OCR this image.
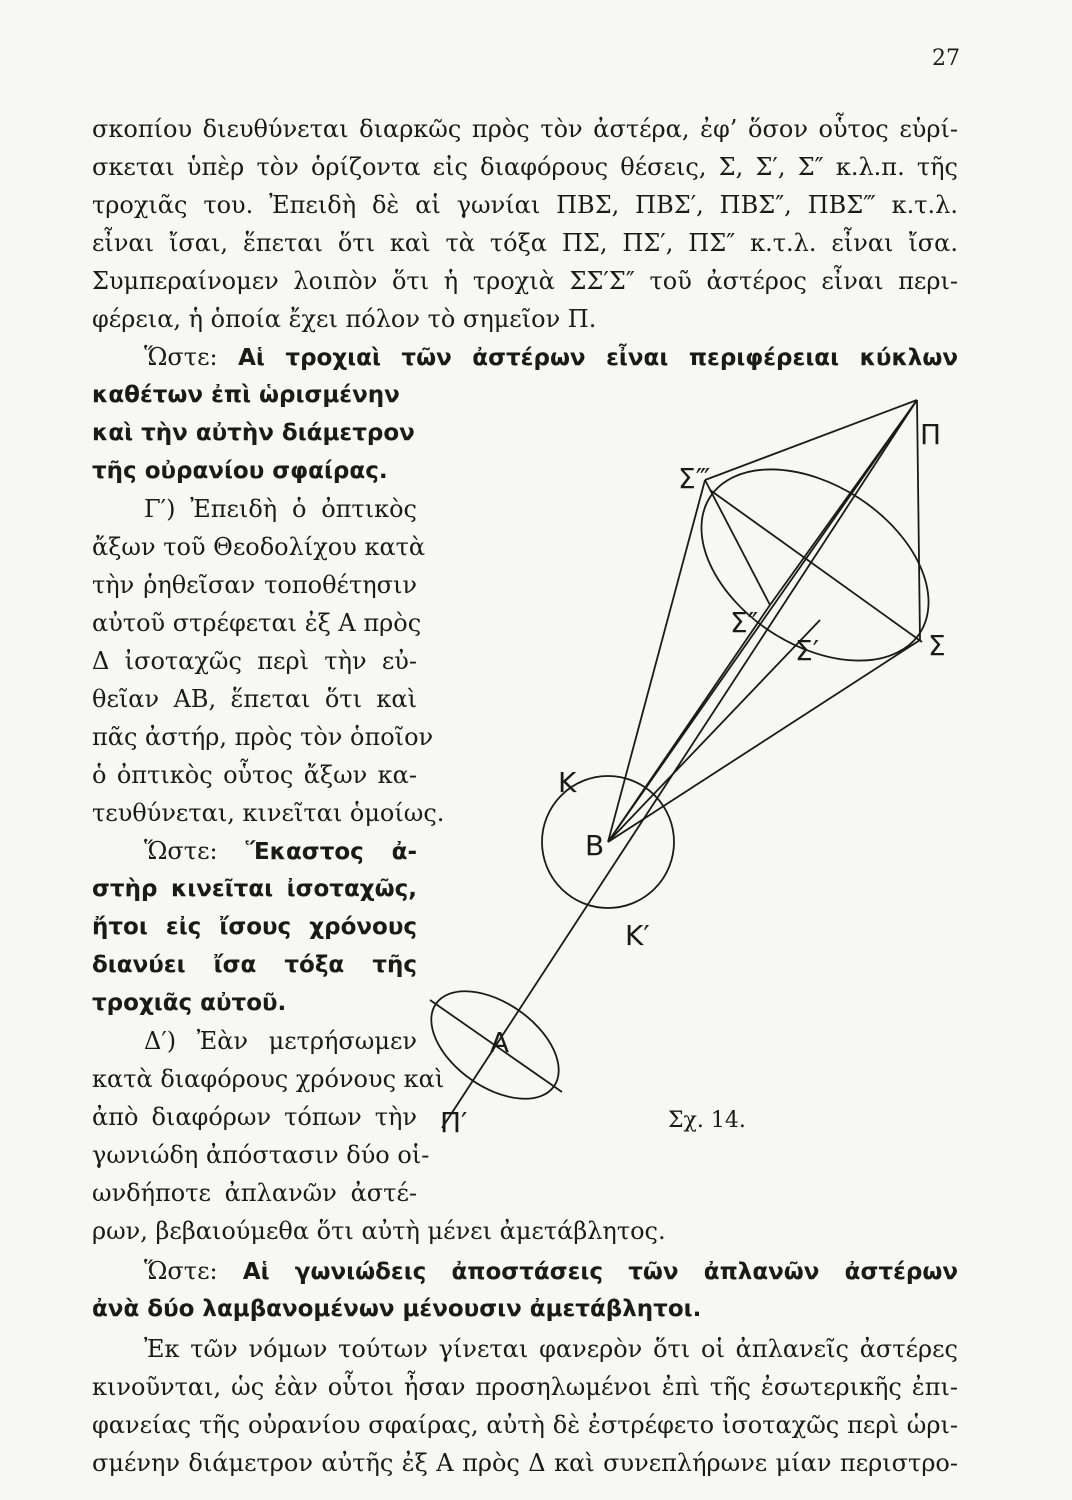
27
σκοπίου διευθύνεται διαρκῶς πρὸς τὸν ἀστέρα, ἐφ’ ὅσον οὗτος εὑρί-
σκεται ὑπὲρ τὸν ὁρίζοντα εἰς διαφόρους θέσεις, Σ, Σ′, Σ″ κ.λ.π. τῆς
τροχιᾶς του. Ἐπειδὴ δὲ αἱ γωνίαι ΠΒΣ, ΠΒΣ′, ΠΒΣ″, ΠΒΣ‴ κ.τ.λ.
εἶναι ἴσαι, ἕπεται ὅτι καὶ τὰ τόξα ΠΣ, ΠΣ′, ΠΣ″ κ.τ.λ. εἶναι ἴσα.
Συμπεραίνομεν λοιπὸν ὅτι ἡ τροχιὰ ΣΣ′Σ″ τοῦ ἀστέρος εἶναι περι-
φέρεια, ἡ ὁποία ἔχει πόλον τὸ σημεῖον Π.
Ὥστε: Αἱ τροχιαὶ τῶν ἀστέρων εἶναι περιφέρειαι κύκλων
καθέτων ἐπὶ ὡρισμένην
καὶ τὴν αὐτὴν διάμετρον
τῆς οὐρανίου σφαίρας.
Γ′) Ἐπειδὴ ὁ ὀπτικὸς
ἄξων τοῦ Θεοδολίχου κατὰ
τὴν ῥηθεῖσαν τοποθέτησιν
αὐτοῦ στρέφεται ἐξ Α πρὸς
Δ ἰσοταχῶς περὶ τὴν εὐ-
θεῖαν ΑΒ, ἕπεται ὅτι καὶ
πᾶς ἀστήρ, πρὸς τὸν ὁποῖον
ὁ ὀπτικὸς οὗτος ἄξων κα-
τευθύνεται, κινεῖται ὁμοίως.
Ὥστε: Ἕκαστος ἀ-
στὴρ κινεῖται ἰσοταχῶς,
ἤτοι εἰς ἴσους χρόνους
διανύει ἴσα τόξα τῆς
τροχιᾶς αὐτοῦ.
Δ′) Ἐὰν μετρήσωμεν
κατὰ διαφόρους χρόνους καὶ
ἀπὸ διαφόρων τόπων τὴν
γωνιώδη ἀπόστασιν δύο οἱ-
ωνδήποτε ἀπλανῶν ἀστέ-
ρων, βεβαιούμεθα ὅτι αὐτὴ μένει ἀμετάβλητος.
Ὥστε: Αἱ γωνιώδεις ἀποστάσεις τῶν ἀπλανῶν ἀστέρων
ἀνὰ δύο λαμβανομένων μένουσιν ἀμετάβλητοι.
Ἐκ τῶν νόμων τούτων γίνεται φανερὸν ὅτι οἱ ἀπλανεῖς ἀστέρες
κινοῦνται, ὡς ἐὰν οὗτοι ἦσαν προσηλωμένοι ἐπὶ τῆς ἐσωτερικῆς ἐπι-
φανείας τῆς οὐρανίου σφαίρας, αὐτὴ δὲ ἐστρέφετο ἰσοταχῶς περὶ ὡρι-
σμένην διάμετρον αὐτῆς ἐξ Α πρὸς Δ καὶ συνεπλήρωνε μίαν περιστρο-
Π
Σ‴
Σ″
Σ′	Σ
Κ
Β
Κ′
Α
Π′	Σχ. 14.
